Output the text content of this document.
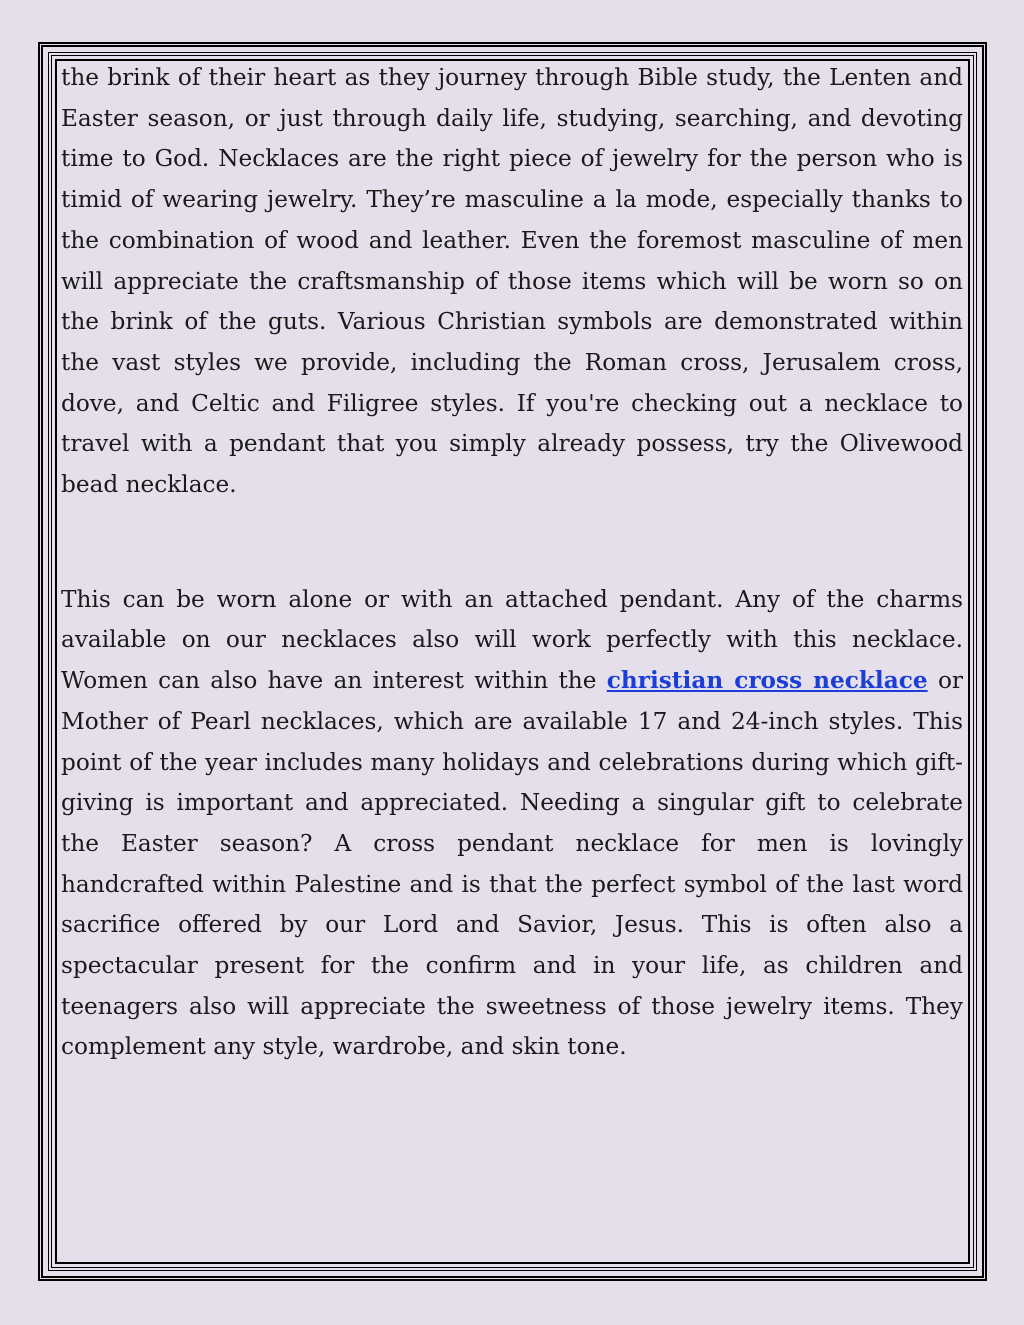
the brink of their heart as they journey through Bible study, the Lenten and Easter season, or just through daily life, studying, searching, and devoting time to God. Necklaces are the right piece of jewelry for the person who is timid of wearing jewelry. They’re masculine a la mode, especially thanks to the combination of wood and leather. Even the foremost masculine of men will appreciate the craftsmanship of those items which will be worn so on the brink of the guts. Various Christian symbols are demonstrated within the vast styles we provide, including the Roman cross, Jerusalem cross, dove, and Celtic and Filigree styles. If you're checking out a necklace to travel with a pendant that you simply already possess, try the Olivewood bead necklace.

This can be worn alone or with an attached pendant. Any of the charms available on our necklaces also will work perfectly with this necklace. Women can also have an interest within the christian cross necklace or Mother of Pearl necklaces, which are available 17 and 24-inch styles. This point of the year includes many holidays and celebrations during which gift-giving is important and appreciated. Needing a singular gift to celebrate the Easter season? A cross pendant necklace for men is lovingly handcrafted within Palestine and is that the perfect symbol of the last word sacrifice offered by our Lord and Savior, Jesus. This is often also a spectacular present for the confirm and in your life, as children and teenagers also will appreciate the sweetness of those jewelry items. They complement any style, wardrobe, and skin tone.
